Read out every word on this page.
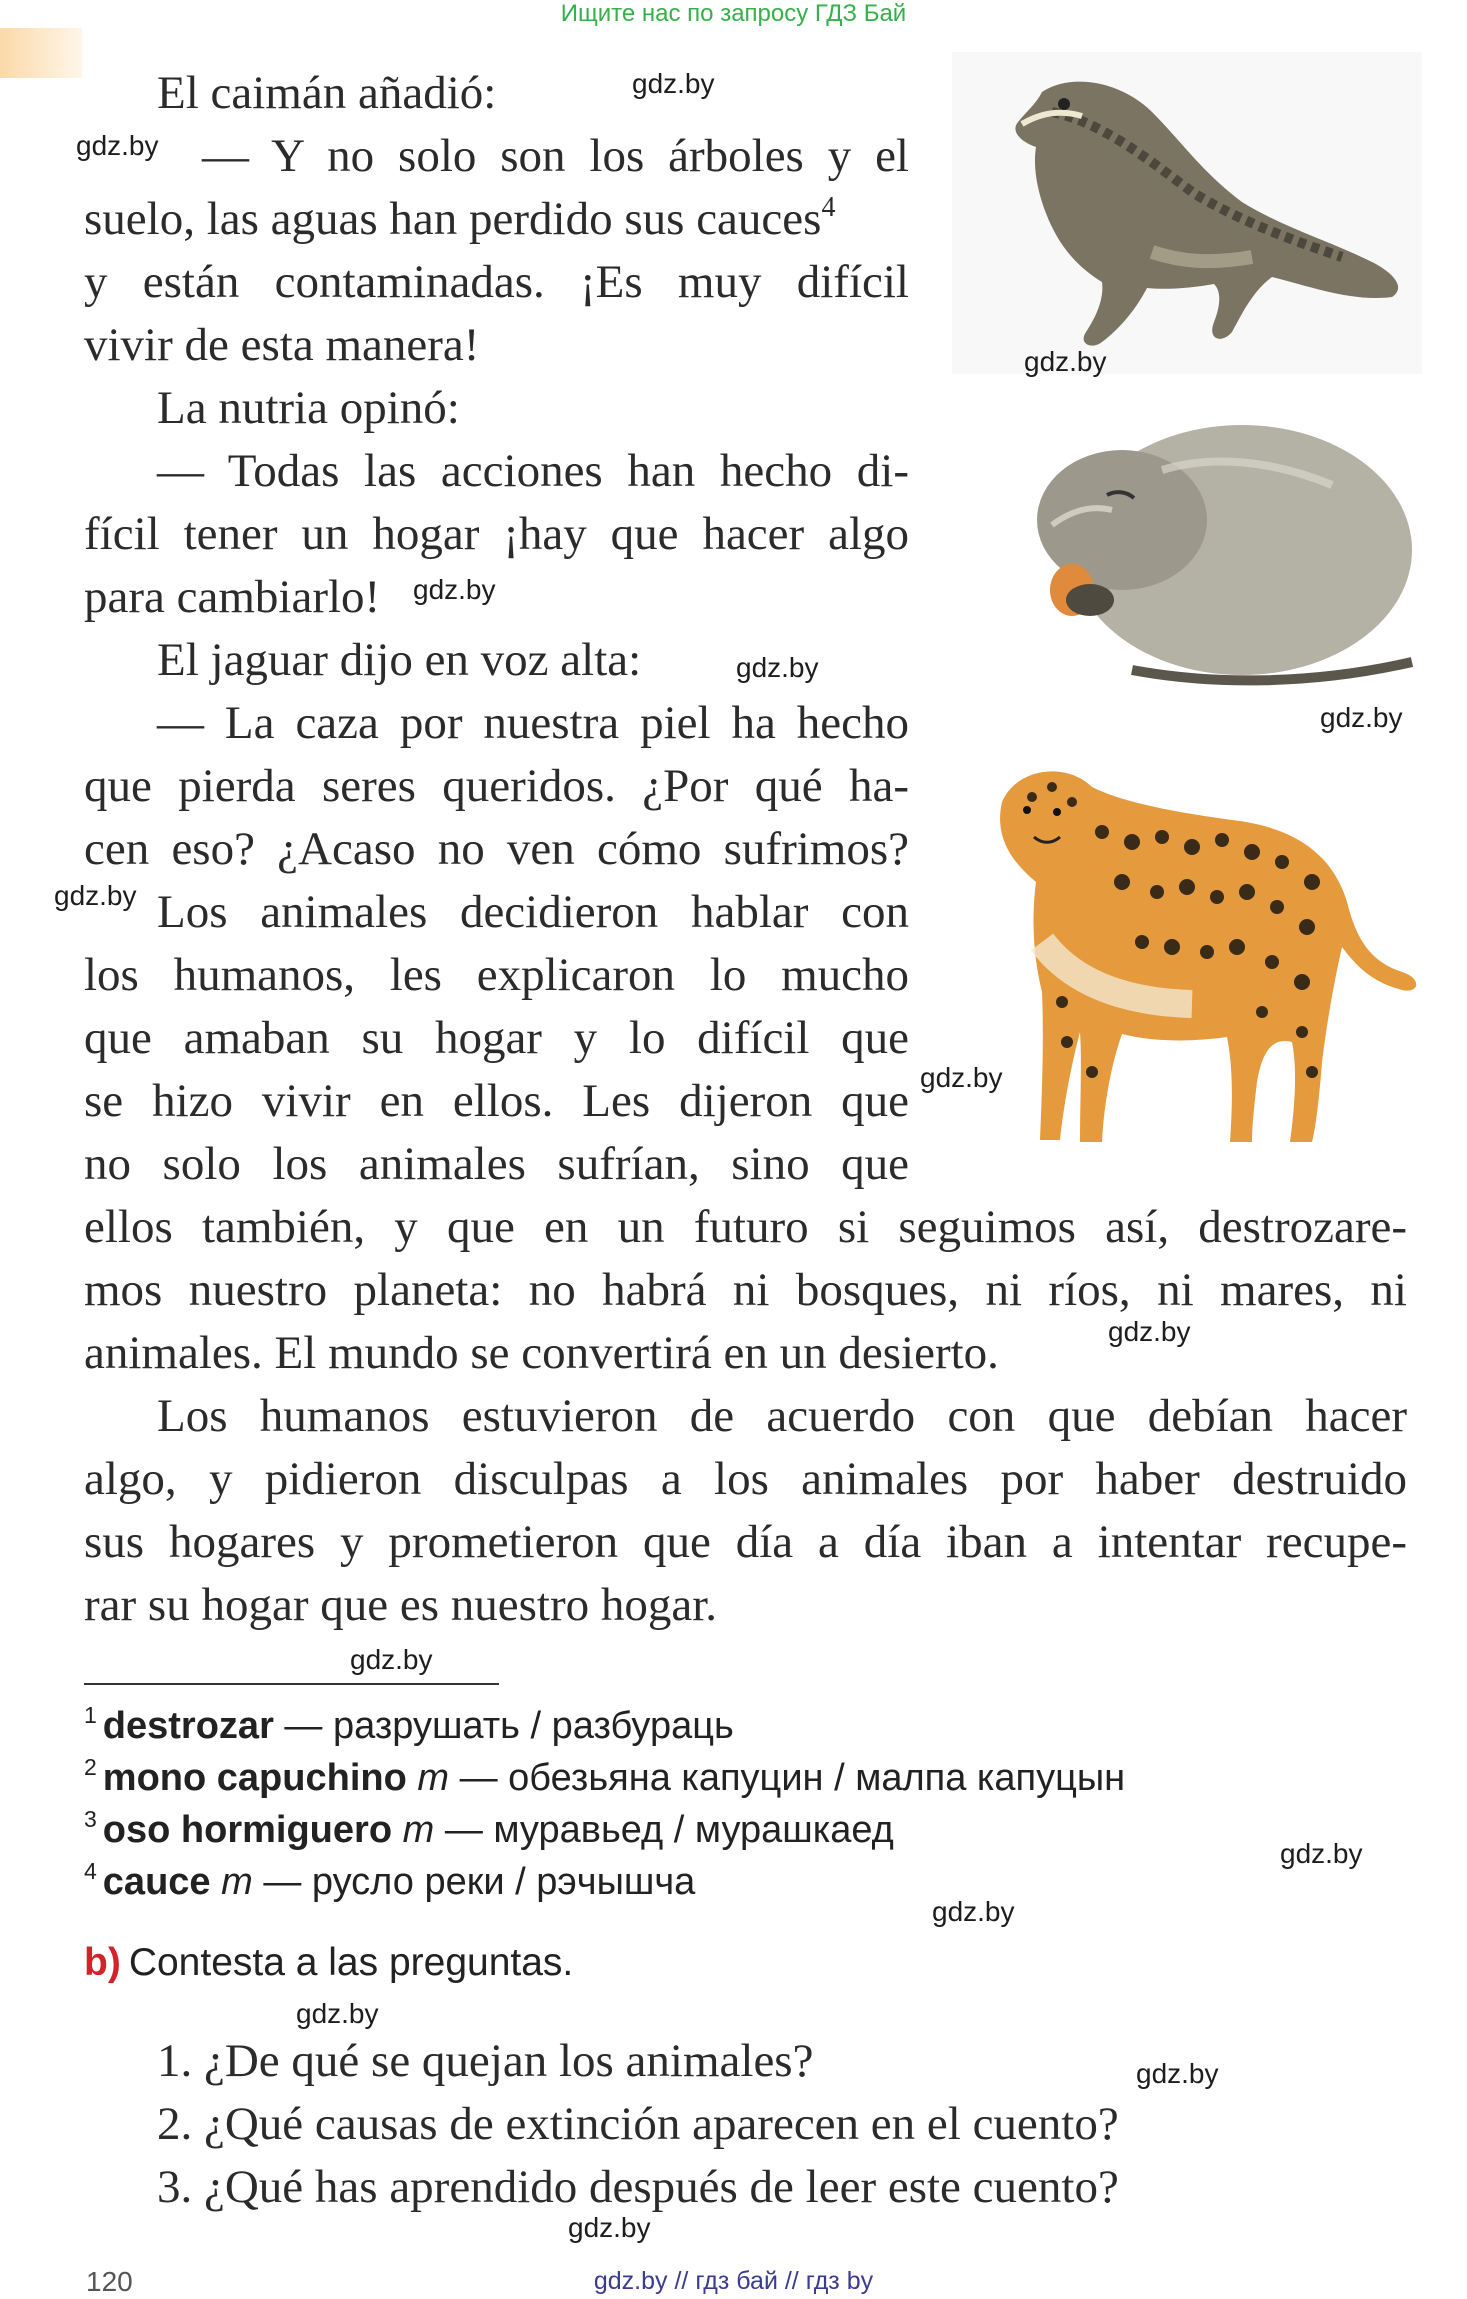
Ищите нас по запросу ГДЗ Бай
El caimán añadió:
— Y no solo son los árboles y el
suelo, las aguas han perdido sus cauces$^4$
y están contaminadas. ¡Es muy difícil
vivir de esta manera!
La nutria opinó:
— Todas las acciones han hecho di-
fícil tener un hogar ¡hay que hacer algo
para cambiarlo!
El jaguar dijo en voz alta:
— La caza por nuestra piel ha hecho
que pierda seres queridos. ¿Por qué ha-
cen eso? ¿Acaso no ven cómo sufrimos?
Los animales decidieron hablar con
los humanos, les explicaron lo mucho
que amaban su hogar y lo difícil que
se hizo vivir en ellos. Les dijeron que
no solo los animales sufrían, sino que
ellos también, y que en un futuro si seguimos así, destrozare-
mos nuestro planeta: no habrá ni bosques, ni ríos, ni mares, ni
animales. El mundo se convertirá en un desierto.
Los humanos estuvieron de acuerdo con que debían hacer
algo, y pidieron disculpas a los animales por haber destruido
sus hogares y prometieron que día a día iban a intentar recupe-
rar su hogar que es nuestro hogar.
$^1$ destrozar — разрушать / разбураць
$^2$ mono capuchino m — обезьяна капуцин / малпа капуцын
$^3$ oso hormiguero m — муравьед / мурашкаед
$^4$ cauce m — русло реки / рэчышча
b) Contesta a las preguntas.
1. ¿De qué se quejan los animales?
2. ¿Qué causas de extinción aparecen en el cuento?
3. ¿Qué has aprendido después de leer este cuento?
gdz.by
gdz.by
gdz.by
gdz.by
gdz.by
gdz.by
gdz.by
gdz.by
gdz.by
gdz.by
gdz.by
gdz.by
gdz.by
gdz.by
gdz.by
120	gdz.by // гдз бай // гдз by
